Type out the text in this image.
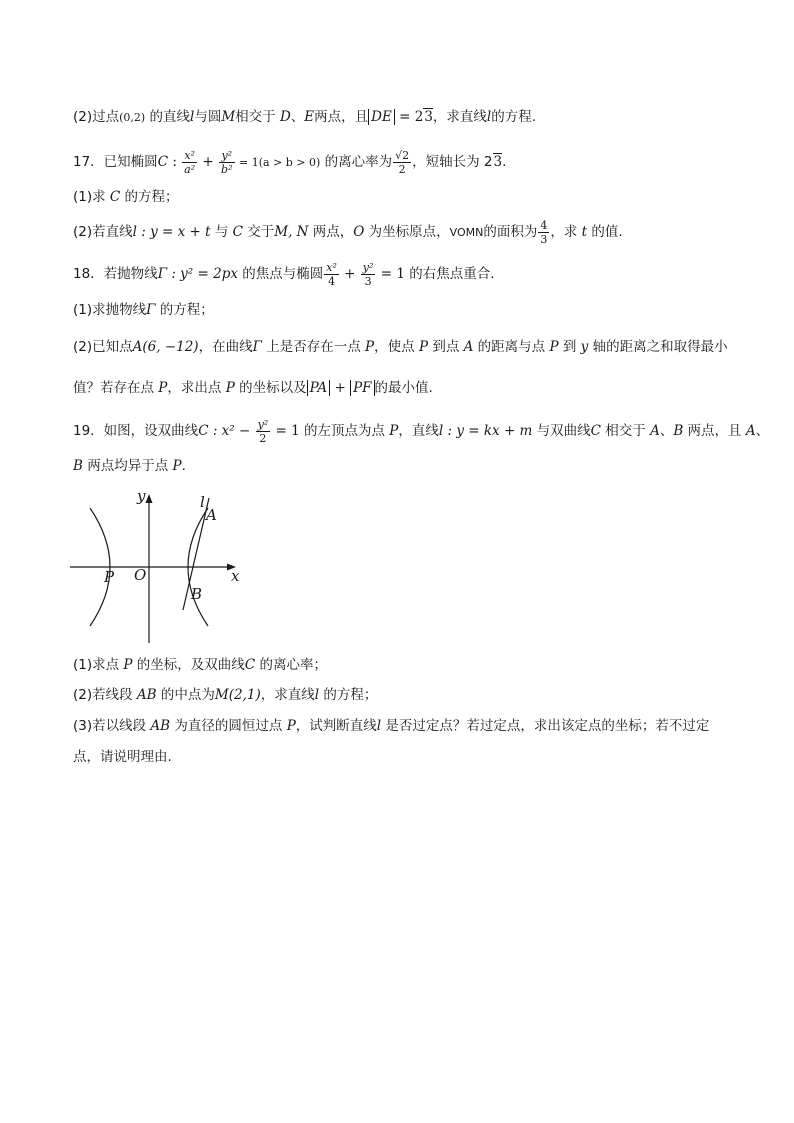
(2)过点(0,2) 的直线l与圆M相交于 D、E两点，且 DE = 23，求直线l的方程.
17．已知椭圆C : $\frac{\text{x²}}{\text{a²}} + \frac{\text{y²}}{\text{b²}} = 1(a > b > 0)$ 的离心率为 $\frac{√2}{2}$ ，短轴长为 23.
(1)求 C 的方程；
(2)若直线l : y = x + t 与 C 交于M, N 两点，O 为坐标原点，VOMN的面积为 $\frac{4}{3}$ ，求 t 的值.
18．若抛物线Γ : y² = 2px 的焦点与椭圆 $\frac{\text{x²}}{4} + \frac{\text{y²}}{3} = 1$ 的右焦点重合.
(1)求抛物线Γ 的方程；
(2)已知点A(6, −12)，在曲线Γ 上是否存在一点 P，使点 P 到点 A 的距离与点 P 到 y 轴的距离之和取得最小
值？若存在点 P，求出点 P 的坐标以及 PA + PF 的最小值.
19．如图，设双曲线C : $x^2 - \frac{\text{y²}}{2} = 1$ 的左顶点为点 P，直线l : y = kx + m 与双曲线C 相交于 A、B 两点，且 A、
B 两点均异于点 P.
y
x
l
A
B
P O
(1)求点 P 的坐标，及双曲线C 的离心率；
(2)若线段 AB 的中点为M(2,1)，求直线l 的方程；
(3)若以线段 AB 为直径的圆恒过点 P，试判断直线l 是否过定点？若过定点，求出该定点的坐标；若不过定
点，请说明理由.
